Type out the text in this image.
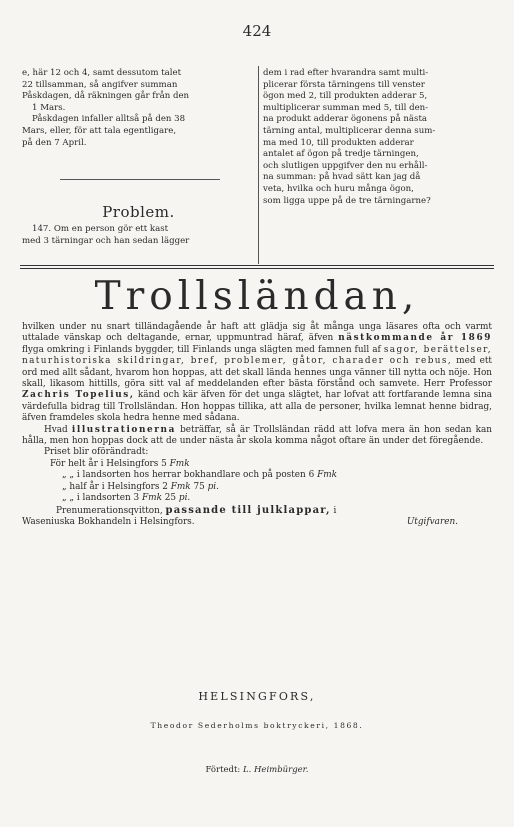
424

e, här 12 och 4, samt dessutom talet

22 tillsamman, så angifver summan

Påskdagen, då räkningen går från den

1 Mars.

Påskdagen infaller alltså på den 38

Mars, eller, för att tala egentligare,

på den 7 April.

Problem.

147. Om en person gör ett kast

med 3 tärningar och han sedan lägger

dem i rad efter hvarandra samt multi-

plicerar första tärningens till venster

ögon med 2, till produkten adderar 5,

multiplicerar summan med 5, till den-

na produkt adderar ögonens på nästa

tärning antal, multiplicerar denna sum-

ma med 10, till produkten adderar

antalet af ögon på tredje tärningen,

och slutligen uppgifver den nu erhåll-

na summan: på hvad sätt kan jag då

veta, hvilka och huru många ögon,

som ligga uppe på de tre tärningarne?

Trollsländan,

hvilken under nu snart tilländagående år haft att glädja sig åt många unga läsares ofta och varmt uttalade vänskap och deltagande, ernar, uppmuntrad häraf, äfven nästkommande år 1869 flyga omkring i Finlands byggder, till Finlands unga slägten med famnen full af sagor, berättelser, naturhistoriska skildringar, bref, problemer, gåtor, charader och rebus, med ett ord med allt sådant, hvarom hon hoppas, att det skall lända hennes unga vänner till nytta och nöje. Hon skall, likasom hittills, göra sitt val af meddelanden efter bästa förstånd och samvete. Herr Professor Zachris Topelius, känd och kär äfven för det unga slägtet, har lofvat att fortfarande lemna sina värdefulla bidrag till Trollsländan. Hon hoppas tillika, att alla de personer, hvilka lemnat henne bidrag, äfven framdeles skola hedra henne med sådana.

Hvad illustrationerna beträffar, så är Trollsländan rädd att lofva mera än hon sedan kan hålla, men hon hoppas dock att de under nästa år skola komma något oftare än under det föregående.

Priset blir oförändradt:

För helt år i Helsingfors 5 Fmk

„ „ i landsorten hos herrar bokhandlare och på posten 6 Fmk

„ half år i Helsingfors 2 Fmk 75 pi.

„ „ i landsorten 3 Fmk 25 pi.

Prenumerationsqvitton, passande till julklappar, i

Waseniuska Bokhandeln i Helsingfors.	Utgifvaren.
HELSINGFORS,
Theodor Sederholms boktryckeri, 1868.
Förtedt: L. Heimbürger.
